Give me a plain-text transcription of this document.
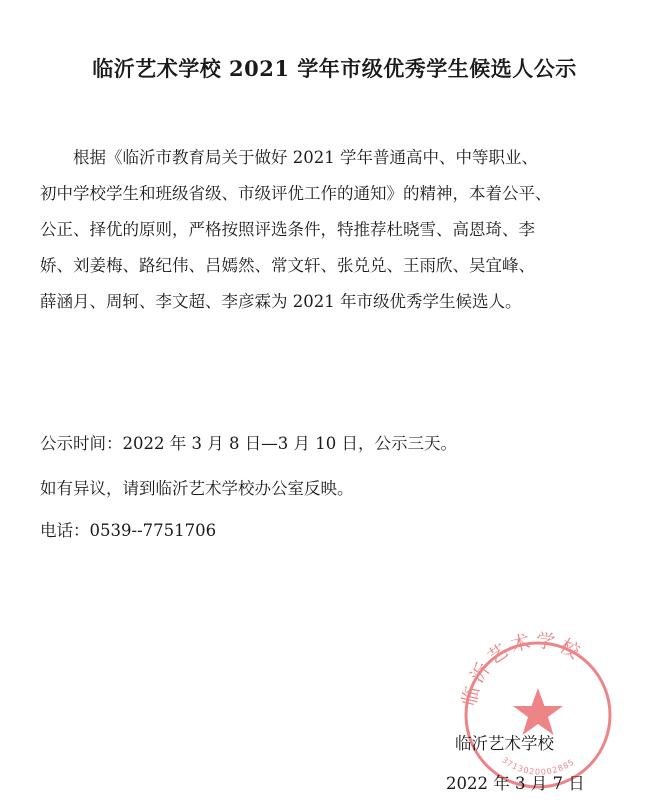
临沂艺术学校 2021 学年市级优秀学生候选人公示
根据《临沂市教育局关于做好 2021 学年普通高中、中等职业、
初中学校学生和班级省级、市级评优工作的通知》的精神，本着公平、
公正、择优的原则，严格按照评选条件，特推荐杜晓雪、高恩琦、李
娇、刘姜梅、路纪伟、吕嫣然、常文轩、张兑兑、王雨欣、吴宜峰、
薛涵月、周轲、李文超、李彦霖为 2021 年市级优秀学生候选人。
公示时间：2022 年 3 月 8 日—3 月 10 日，公示三天。
如有异议，请到临沂艺术学校办公室反映。
电话：0539--7751706
临沂艺术学校
3713020002885
临沂艺术学校
2022 年 3 月 7 日
